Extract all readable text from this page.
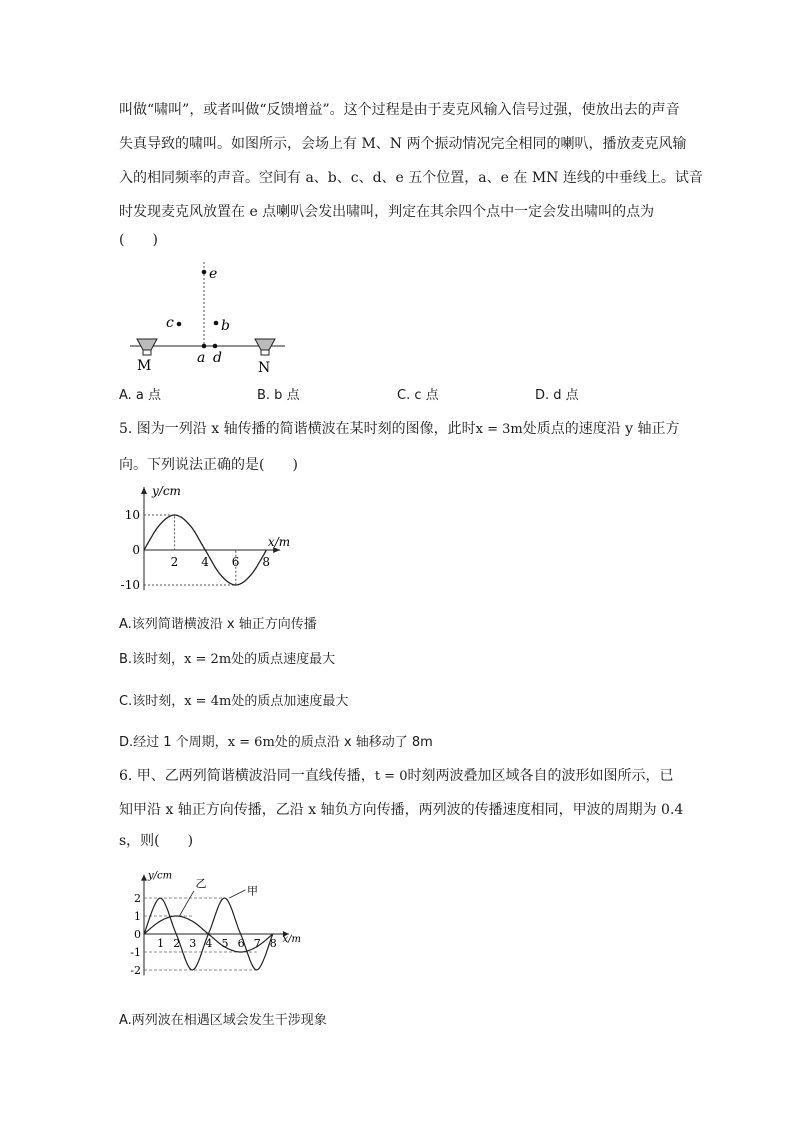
叫做“啸叫”，或者叫做“反馈增益”。这个过程是由于麦克风输入信号过强，使放出去的声音
失真导致的啸叫。如图所示，会场上有 M、N 两个振动情况完全相同的喇叭，播放麦克风输
入的相同频率的声音。空间有 a、b、c、d、e 五个位置，a、e 在 MN 连线的中垂线上。试音
时发现麦克风放置在 e 点喇叭会发出啸叫，判定在其余四个点中一定会发出啸叫的点为
(　　)
e
c	b
a d
M	N
A. a 点	B. b 点	C. c 点	D. d 点
5. 图为一列沿 x 轴传播的简谐横波在某时刻的图像，此时x = 3m处质点的速度沿 y 轴正方
向。下列说法正确的是(　　)
2 4 6 8
10
0
-10
y/cm
x/m
A.该列简谐横波沿 x 轴正方向传播
B.该时刻，x = 2m处的质点速度最大
C.该时刻，x = 4m处的质点加速度最大
D.经过 1 个周期，x = 6m处的质点沿 x 轴移动了 8m
6. 甲、乙两列简谐横波沿同一直线传播，t = 0时刻两波叠加区域各自的波形如图所示，已
知甲沿 x 轴正方向传播，乙沿 x 轴负方向传播，两列波的传播速度相同，甲波的周期为 0.4
s，则(　　)
1 2 3 4 5 6 7 8
2
1
0
-1
-2
y/cm
x/m
甲
乙
A.两列波在相遇区域会发生干涉现象
